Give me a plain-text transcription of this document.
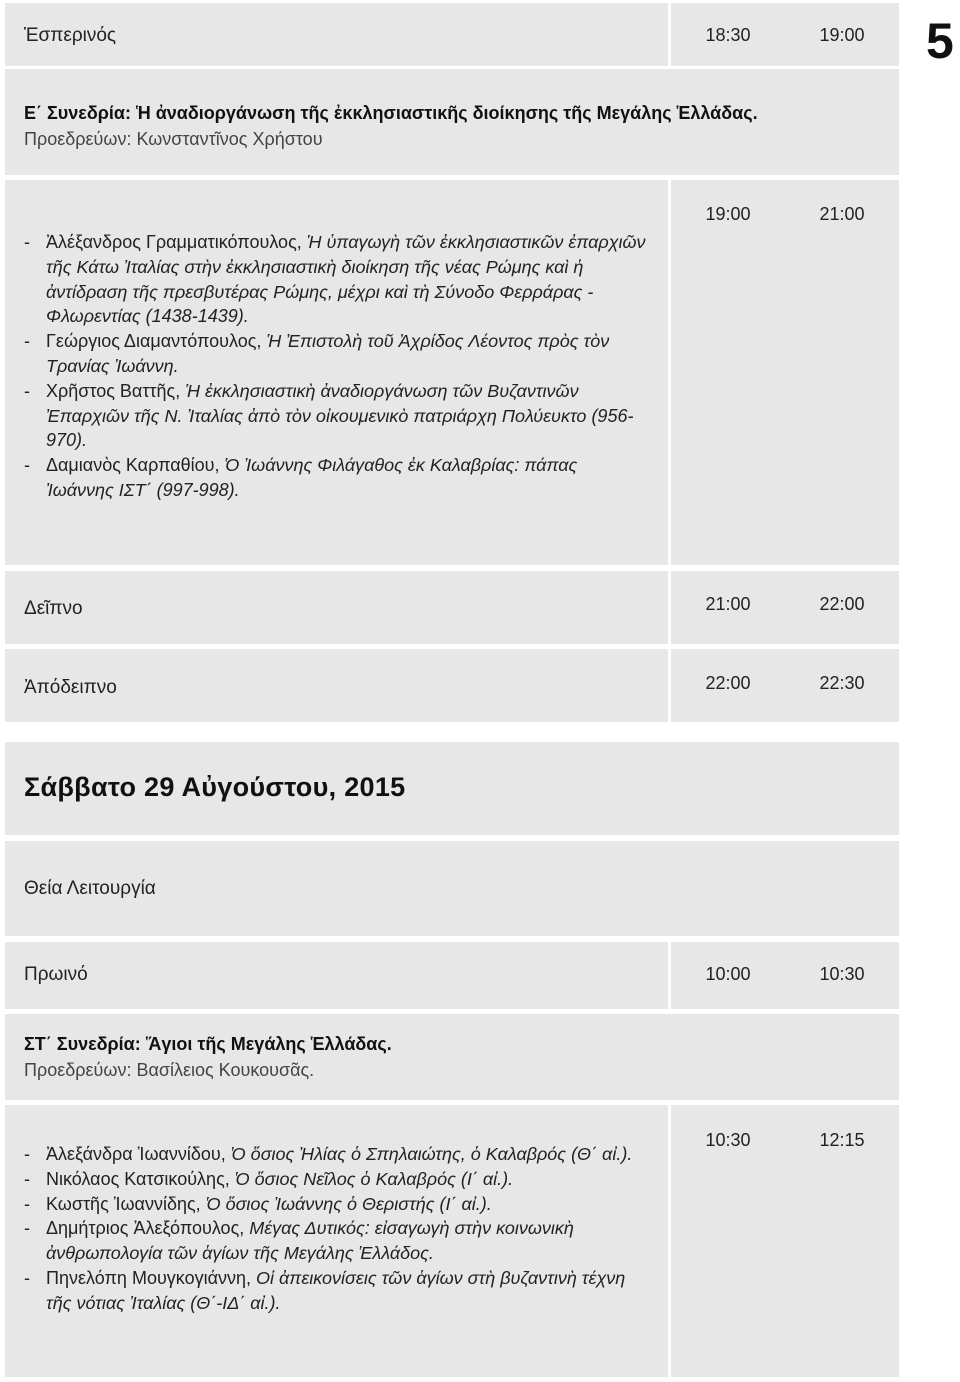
5
Ἑσπερινός	18:30	19:00
Ε΄ Συνεδρία: Ἡ ἀναδιοργάνωση τῆς ἐκκλησιαστικῆς διοίκησης τῆς Μεγάλης Ἑλλάδας.
Προεδρεύων: Κωνσταντῖνος Χρήστου
- Ἀλέξανδρος Γραμματικόπουλος, Ἡ ὑπαγωγὴ τῶν ἐκκλησιαστικῶν ἐπαρχιῶν τῆς Κάτω Ἰταλίας στὴν ἐκκλησιαστικὴ διοίκηση τῆς νέας Ρώμης καὶ ἡ ἀντίδραση τῆς πρεσβυτέρας Ρώμης, μέχρι καὶ τὴ Σύνοδο Φερράρας - Φλωρεντίας (1438-1439).
- Γεώργιος Διαμαντόπουλος, Ἡ Ἐπιστολὴ τοῦ Ἀχρίδος Λέοντος πρὸς τὸν Τρανίας Ἰωάννη.
- Χρῆστος Βαττῆς, Ἡ ἐκκλησιαστικὴ ἀναδιοργάνωση τῶν Βυζαντινῶν Ἐπαρχιῶν τῆς Ν. Ἰταλίας ἀπὸ τὸν οἰκουμενικὸ πατριάρχη Πολύευκτο (956-970).
- Δαμιανὸς Καρπαθίου, Ὁ Ἰωάννης Φιλάγαθος ἐκ Καλαβρίας: πάπας Ἰωάννης ΙΣΤ΄ (997-998).
19:00	21:00
Δεῖπνο	21:00	22:00
Ἀπόδειπνο	22:00	22:30
Σάββατο 29 Αὐγούστου, 2015
Θεία Λειτουργία
Πρωινό	10:00	10:30
ΣΤ΄ Συνεδρία: Ἅγιοι τῆς Μεγάλης Ἑλλάδας.
Προεδρεύων: Βασίλειος Κουκουσᾶς.
- Ἀλεξάνδρα Ἰωαννίδου, Ὁ ὅσιος Ἠλίας ὁ Σπηλαιώτης, ὁ Καλαβρός (Θ΄ αἰ.).
- Νικόλαος Κατσικούλης, Ὁ ὅσιος Νεῖλος ὁ Καλαβρός (Ι΄ αἰ.).
- Κωστῆς Ἰωαννίδης, Ὁ ὅσιος Ἰωάννης ὁ Θεριστής (Ι΄ αἰ.).
- Δημήτριος Ἀλεξόπουλος, Μέγας Δυτικός: εἰσαγωγὴ στὴν κοινωνικὴ ἀνθρωπολογία τῶν ἁγίων τῆς Μεγάλης Ἑλλάδος.
- Πηνελόπη Μουγκογιάννη, Οἱ ἀπεικονίσεις τῶν ἁγίων στὴ βυζαντινὴ τέχνη τῆς νότιας Ἰταλίας (Θ΄-ΙΔ΄ αἰ.).
10:30	12:15
